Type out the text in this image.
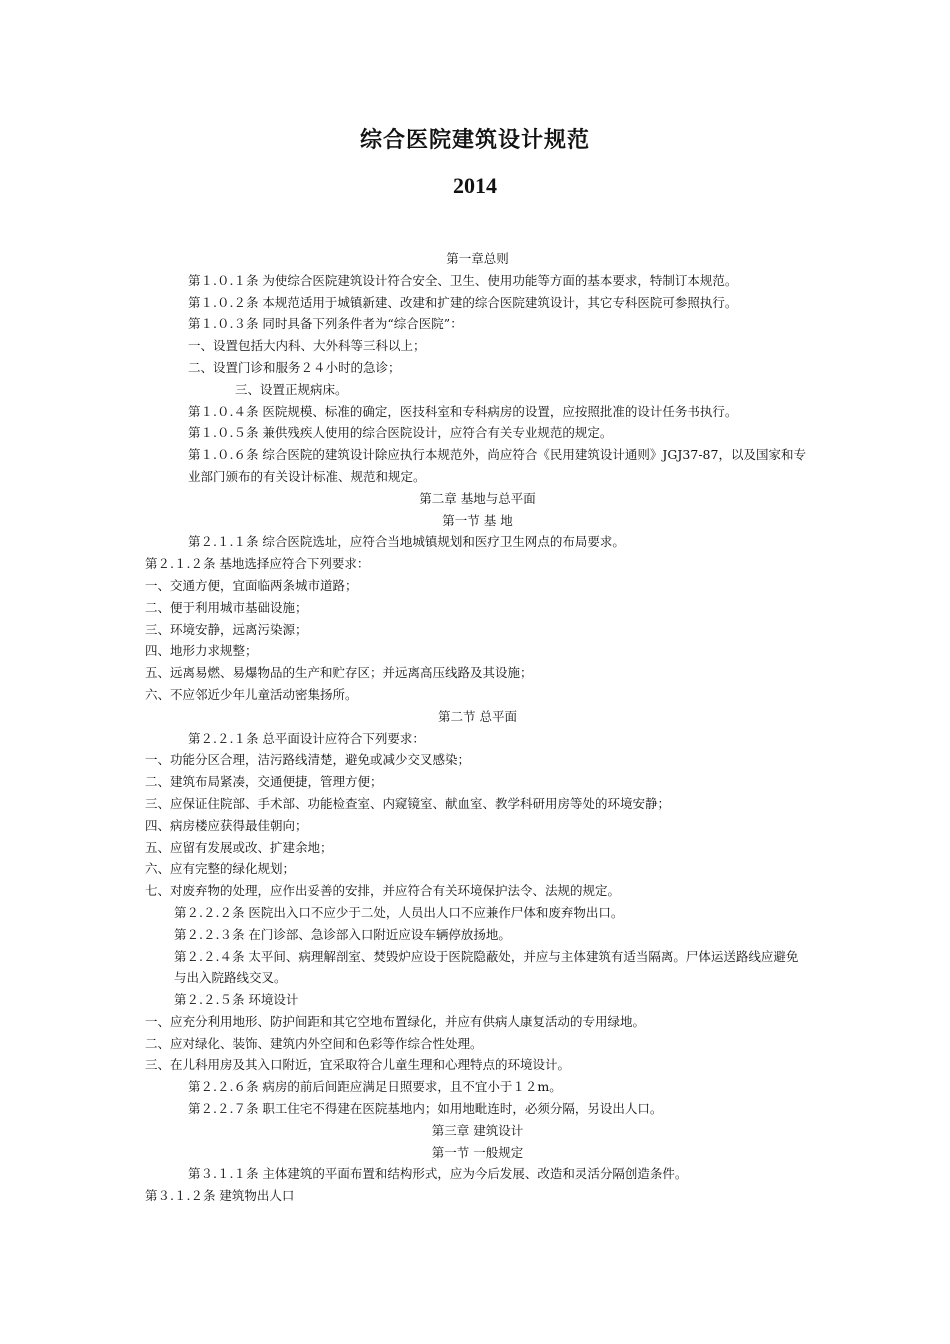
综合医院建筑设计规范
2014
第一章总则
第１.０.１条 为使综合医院建筑设计符合安全、卫生、使用功能等方面的基本要求，特制订本规范。
第１.０.２条 本规范适用于城镇新建、改建和扩建的综合医院建筑设计，其它专科医院可参照执行。
第１.０.３条 同时具备下列条件者为“综合医院”：
一、设置包括大内科、大外科等三科以上；
二、设置门诊和服务２４小时的急诊；
三、设置正规病床。
第１.０.４条 医院规模、标准的确定，医技科室和专科病房的设置，应按照批准的设计任务书执行。
第１.０.５条 兼供残疾人使用的综合医院设计，应符合有关专业规范的规定。
第１.０.６条 综合医院的建筑设计除应执行本规范外，尚应符合《民用建筑设计通则》JGJ37-87，以及国家和专业部门颁布的有关设计标准、规范和规定。
第二章 基地与总平面
第一节 基 地
第２.１.１条 综合医院选址，应符合当地城镇规划和医疗卫生网点的布局要求。
第２.１.２条 基地选择应符合下列要求：
一、交通方便，宜面临两条城市道路；
二、便于利用城市基础设施；
三、环境安静，远离污染源；
四、地形力求规整；
五、远离易燃、易爆物品的生产和贮存区；并远离高压线路及其设施；
六、不应邻近少年儿童活动密集扬所。
第二节 总平面
第２.２.１条 总平面设计应符合下列要求：
一、功能分区合理，洁污路线清楚，避免或减少交叉感染；
二、建筑布局紧凑，交通便捷，管理方便；
三、应保证住院部、手术部、功能检查室、内窥镜室、献血室、教学科研用房等处的环境安静；
四、病房楼应获得最佳朝向；
五、应留有发展或改、扩建余地；
六、应有完整的绿化规划；
七、对废弃物的处理，应作出妥善的安排，并应符合有关环境保护法令、法规的规定。
第２.２.２条 医院出入口不应少于二处，人员出人口不应兼作尸体和废弃物出口。
第２.２.３条 在门诊部、急诊部入口附近应设车辆停放扬地。
第２.２.４条 太平间、病理解剖室、焚毁炉应设于医院隐蔽处，并应与主体建筑有适当隔离。尸体运送路线应避免与出入院路线交叉。
第２.２.５条 环境设计
一、应充分利用地形、防护间距和其它空地布置绿化，并应有供病人康复活动的专用绿地。
二、应对绿化、装饰、建筑内外空间和色彩等作综合性处理。
三、在儿科用房及其入口附近，宜采取符合儿童生理和心理特点的环境设计。
第２.２.６条 病房的前后间距应满足日照要求，且不宜小于１２m。
第２.２.７条 职工住宅不得建在医院基地内；如用地毗连时，必须分隔，另设出人口。
第三章 建筑设计
第一节 一般规定
第３.１.１条 主体建筑的平面布置和结构形式，应为今后发展、改造和灵活分隔创造条件。
第３.１.２条 建筑物出人口
